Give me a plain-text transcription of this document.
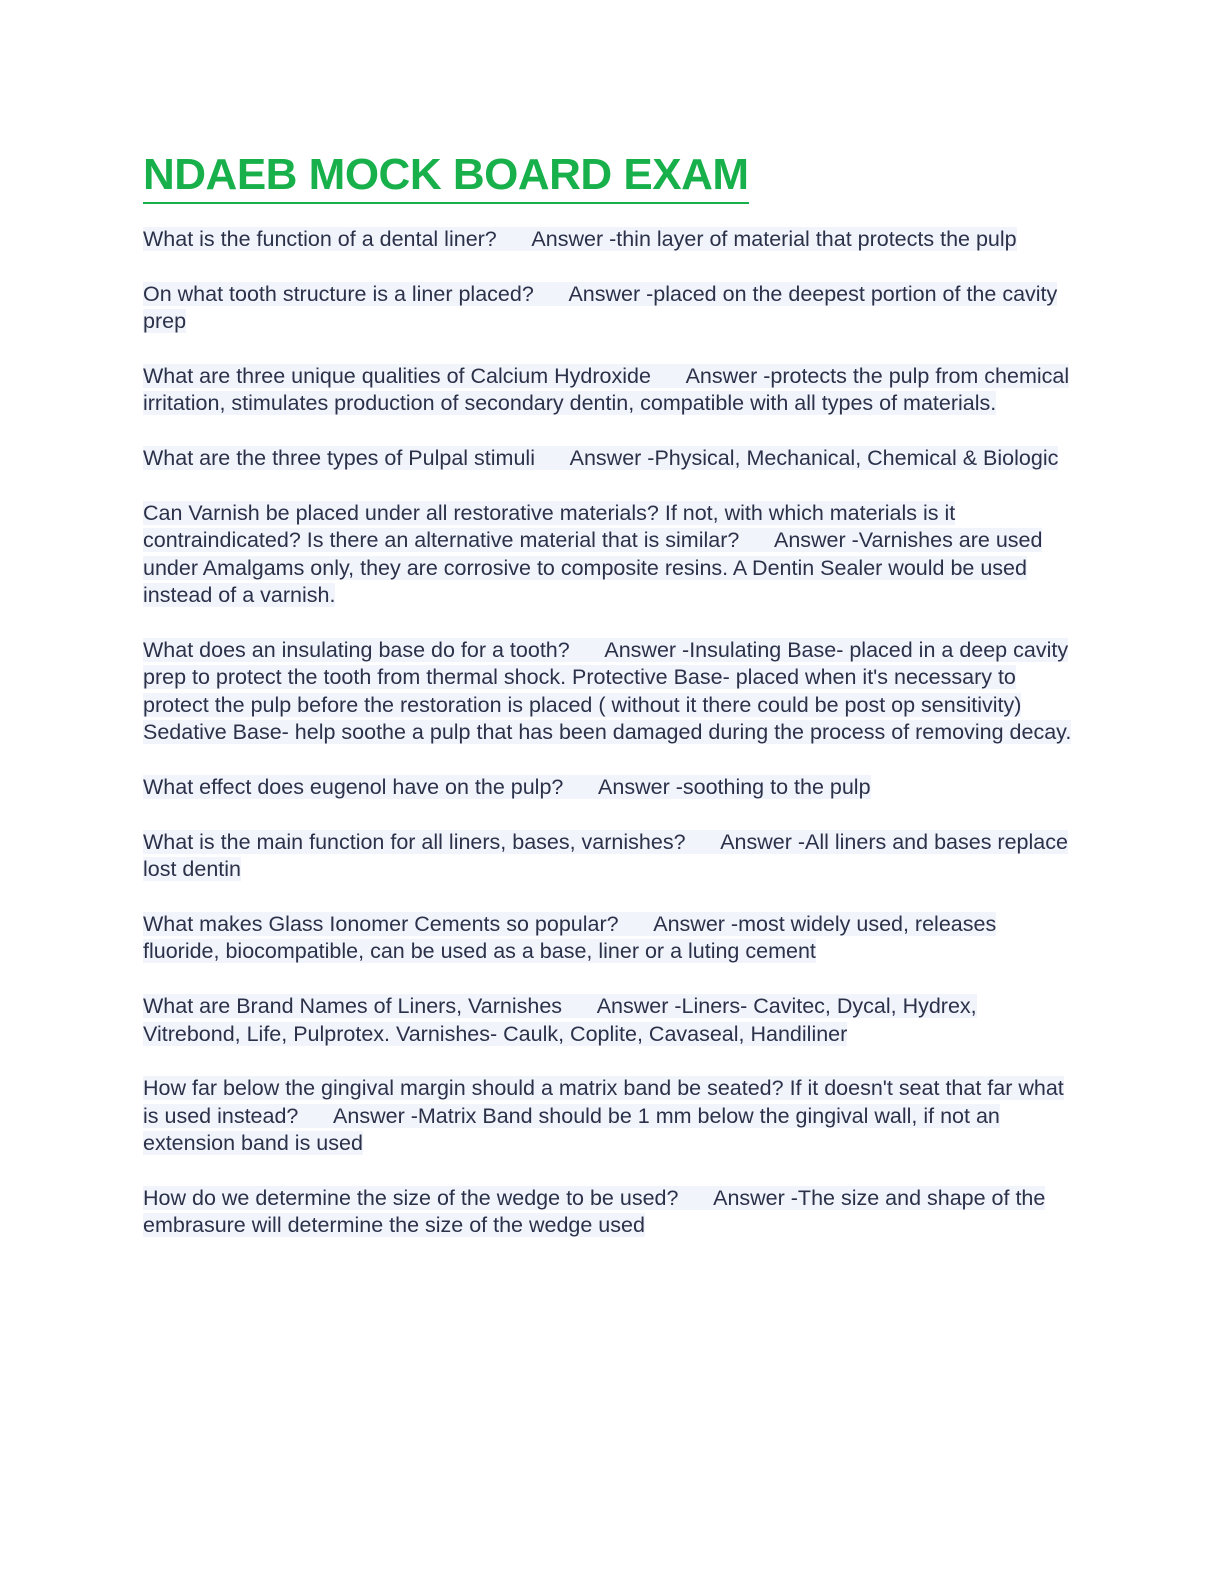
NDAEB MOCK BOARD EXAM

What is the function of a dental liner? Answer -thin layer of material that protects the pulp

On what tooth structure is a liner placed? Answer -placed on the deepest portion of the cavity prep

What are three unique qualities of Calcium Hydroxide Answer -protects the pulp from chemical irritation, stimulates production of secondary dentin, compatible with all types of materials.

What are the three types of Pulpal stimuli Answer -Physical, Mechanical, Chemical & Biologic

Can Varnish be placed under all restorative materials? If not, with which materials is it contraindicated? Is there an alternative material that is similar? Answer -Varnishes are used under Amalgams only, they are corrosive to composite resins. A Dentin Sealer would be used instead of a varnish.

What does an insulating base do for a tooth? Answer -Insulating Base- placed in a deep cavity prep to protect the tooth from thermal shock. Protective Base- placed when it's necessary to protect the pulp before the restoration is placed ( without it there could be post op sensitivity) Sedative Base- help soothe a pulp that has been damaged during the process of removing decay.

What effect does eugenol have on the pulp? Answer -soothing to the pulp

What is the main function for all liners, bases, varnishes? Answer -All liners and bases replace lost dentin

What makes Glass Ionomer Cements so popular? Answer -most widely used, releases fluoride, biocompatible, can be used as a base, liner or a luting cement

What are Brand Names of Liners, Varnishes Answer -Liners- Cavitec, Dycal, Hydrex, Vitrebond, Life, Pulprotex. Varnishes- Caulk, Coplite, Cavaseal, Handiliner

How far below the gingival margin should a matrix band be seated? If it doesn't seat that far what is used instead? Answer -Matrix Band should be 1 mm below the gingival wall, if not an extension band is used

How do we determine the size of the wedge to be used? Answer -The size and shape of the embrasure will determine the size of the wedge used
